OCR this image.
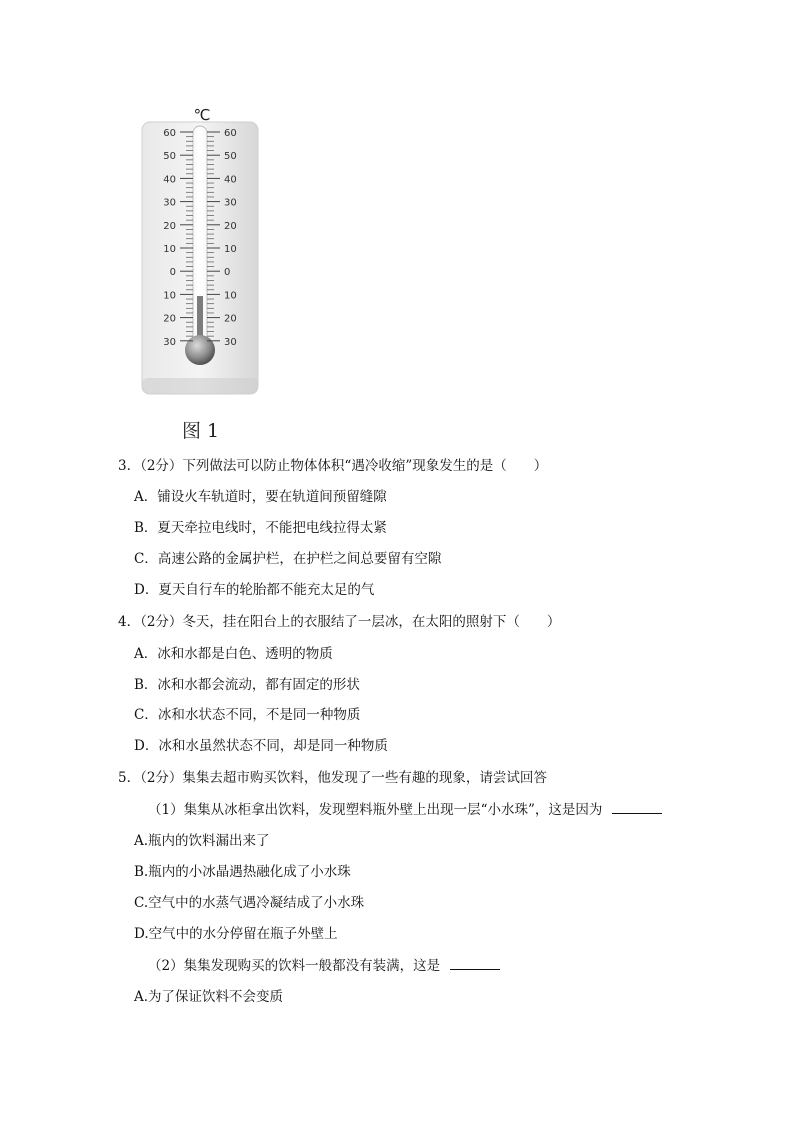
℃
60	60
50	50
40	40
30	30
20	20
10	10
0	0
10	10
20	20
30	30
图 1
3．（2分）下列做法可以防止物体体积“遇冷收缩”现象发生的是（　　）
A．铺设火车轨道时，要在轨道间预留缝隙
B．夏天牵拉电线时，不能把电线拉得太紧
C．高速公路的金属护栏，在护栏之间总要留有空隙
D．夏天自行车的轮胎都不能充太足的气
4．（2分）冬天，挂在阳台上的衣服结了一层冰，在太阳的照射下（　　）
A．冰和水都是白色、透明的物质
B．冰和水都会流动，都有固定的形状
C．冰和水状态不同，不是同一种物质
D．冰和水虽然状态不同，却是同一种物质
5．（2分）集集去超市购买饮料，他发现了一些有趣的现象，请尝试回答
（1）集集从冰柜拿出饮料，发现塑料瓶外壁上出现一层“小水珠”，这是因为
A.瓶内的饮料漏出来了
B.瓶内的小冰晶遇热融化成了小水珠
C.空气中的水蒸气遇冷凝结成了小水珠
D.空气中的水分停留在瓶子外壁上
（2）集集发现购买的饮料一般都没有装满，这是
A.为了保证饮料不会变质
